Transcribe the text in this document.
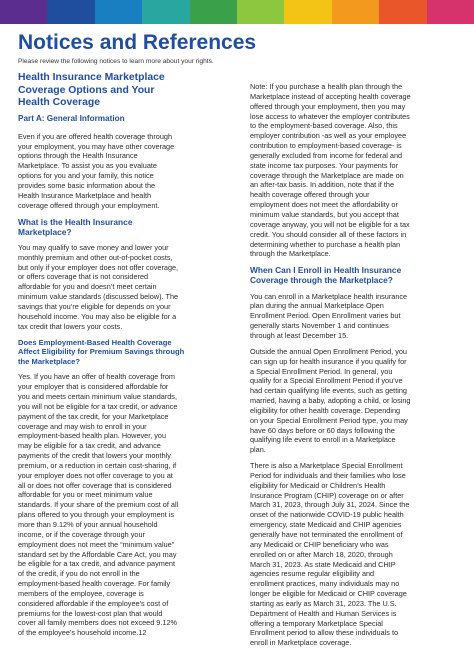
Notices and References
Please review the following notices to learn more about your rights.
Health Insurance Marketplace
Coverage Options and Your
Health Coverage
Part A: General Information

Even if you are offered health coverage through
your employment, you may have other coverage
options through the Health Insurance
Marketplace. To assist you as you evaluate
options for you and your family, this notice
provides some basic information about the
Health Insurance Marketplace and health
coverage offered through your employment.

What is the Health Insurance
Marketplace?

You may qualify to save money and lower your
monthly premium and other out-of-pocket costs,
but only if your employer does not offer coverage,
or offers coverage that is not considered
affordable for you and doesn’t meet certain
minimum value standards (discussed below). The
savings that you’re eligible for depends on your
household income. You may also be eligible for a
tax credit that lowers your costs.

Does Employment-Based Health Coverage
Affect Eligibility for Premium Savings through
the Marketplace?

Yes. If you have an offer of health coverage from
your employer that is considered affordable for
you and meets certain minimum value standards,
you will not be eligible for a tax credit, or advance
payment of the tax credit, for your Marketplace
coverage and may wish to enroll in your
employment-based health plan. However, you
may be eligible for a tax credit, and advance
payments of the credit that lowers your monthly
premium, or a reduction in certain cost-sharing, if
your employer does not offer coverage to you at
all or does not offer coverage that is considered
affordable for you or meet minimum value
standards. If your share of the premium cost of all
plans offered to you through your employment is
more than 9.12% of your annual household
income, or if the coverage through your
employment does not meet the “minimum value”
standard set by the Affordable Care Act, you may
be eligible for a tax credit, and advance payment
of the credit, if you do not enroll in the
employment-based health coverage. For family
members of the employee, coverage is
considered affordable if the employee’s cost of
premiums for the lowest-cost plan that would
cover all family members does not exceed 9.12%
of the employee’s household income.12

Note: If you purchase a health plan through the
Marketplace instead of accepting health coverage
offered through your employment, then you may
lose access to whatever the employer contributes
to the employment-based coverage. Also, this
employer contribution -as well as your employee
contribution to employment-based coverage- is
generally excluded from income for federal and
state income tax purposes. Your payments for
coverage through the Marketplace are made on
an after-tax basis. In addition, note that if the
health coverage offered through your
employment does not meet the affordability or
minimum value standards, but you accept that
coverage anyway, you will not be eligible for a tax
credit. You should consider all of these factors in
determining whether to purchase a health plan
through the Marketplace.

When Can I Enroll in Health Insurance
Coverage through the Marketplace?

You can enroll in a Marketplace health insurance
plan during the annual Marketplace Open
Enrollment Period. Open Enrollment varies but
generally starts November 1 and continues
through at least December 15.

Outside the annual Open Enrollment Period, you
can sign up for health insurance if you qualify for
a Special Enrollment Period. In general, you
qualify for a Special Enrollment Period if you’ve
had certain qualifying life events, such as getting
married, having a baby, adopting a child, or losing
eligibility for other health coverage. Depending
on your Special Enrollment Period type, you may
have 60 days before or 60 days following the
qualifying life event to enroll in a Marketplace
plan.

There is also a Marketplace Special Enrollment
Period for individuals and their families who lose
eligibility for Medicaid or Children’s Health
Insurance Program (CHIP) coverage on or after
March 31, 2023, through July 31, 2024. Since the
onset of the nationwide COVID-19 public health
emergency, state Medicaid and CHIP agencies
generally have not terminated the enrollment of
any Medicaid or CHIP beneficiary who was
enrolled on or after March 18, 2020, through
March 31, 2023. As state Medicaid and CHIP
agencies resume regular eligibility and
enrollment practices, many individuals may no
longer be eligible for Medicaid or CHIP coverage
starting as early as March 31, 2023. The U.S.
Department of Health and Human Services is
offering a temporary Marketplace Special
Enrollment period to allow these individuals to
enroll in Marketplace coverage.
